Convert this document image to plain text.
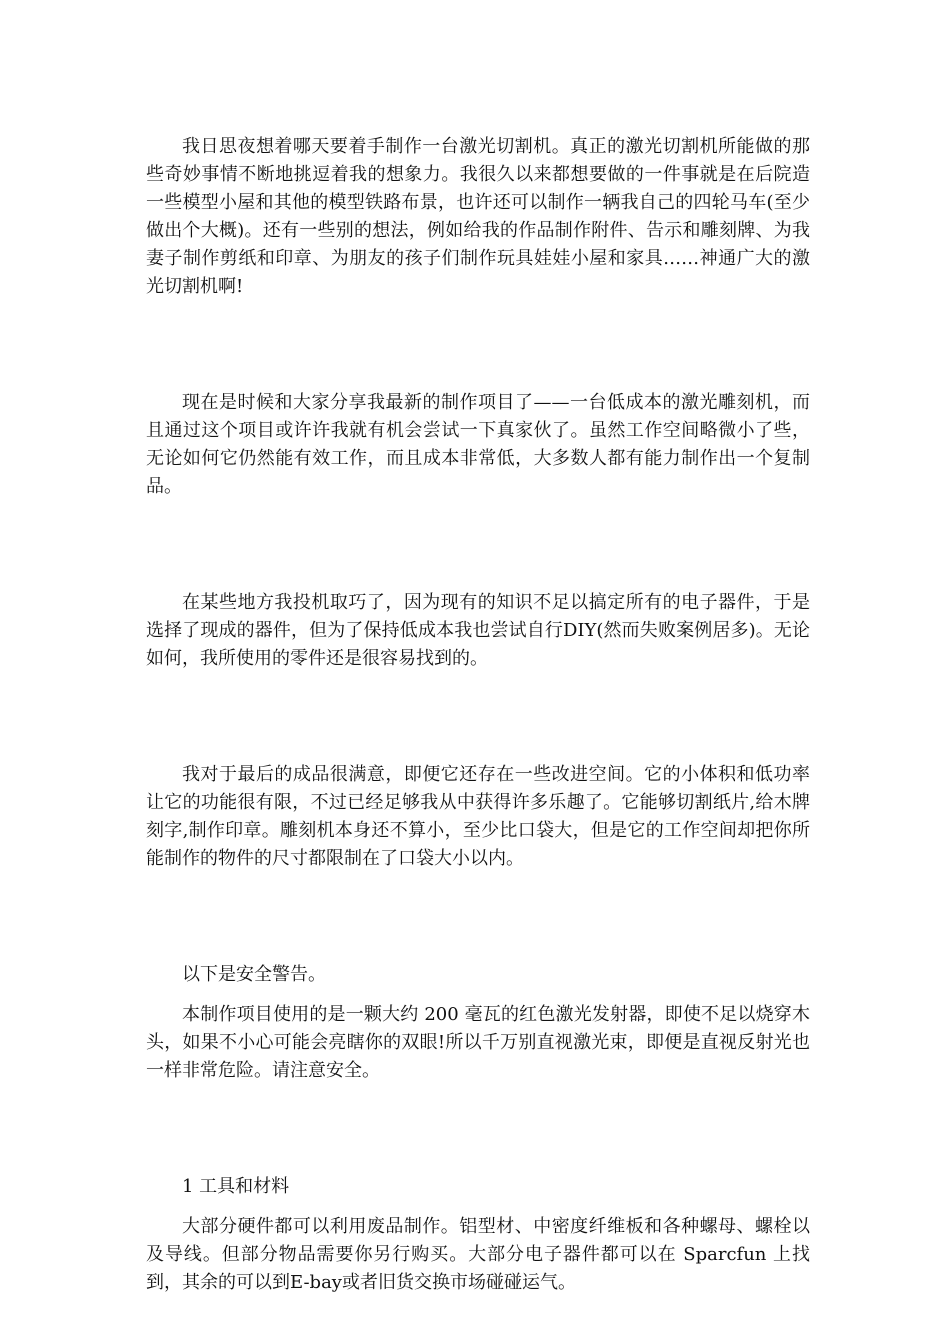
我日思夜想着哪天要着手制作一台激光切割机。真正的激光切割机所能做的那些奇妙事情不断地挑逗着我的想象力。我很久以来都想要做的一件事就是在后院造一些模型小屋和其他的模型铁路布景，也许还可以制作一辆我自己的四轮马车(至少做出个大概)。还有一些别的想法，例如给我的作品制作附件、告示和雕刻牌、为我妻子制作剪纸和印章、为朋友的孩子们制作玩具娃娃小屋和家具……神通广大的激光切割机啊!

现在是时候和大家分享我最新的制作项目了——一台低成本的激光雕刻机，而且通过这个项目或许许我就有机会尝试一下真家伙了。虽然工作空间略微小了些，无论如何它仍然能有效工作，而且成本非常低，大多数人都有能力制作出一个复制品。

在某些地方我投机取巧了，因为现有的知识不足以搞定所有的电子器件，于是选择了现成的器件，但为了保持低成本我也尝试自行DIY(然而失败案例居多)。无论如何，我所使用的零件还是很容易找到的。

我对于最后的成品很满意，即便它还存在一些改进空间。它的小体积和低功率让它的功能很有限，不过已经足够我从中获得许多乐趣了。它能够切割纸片,给木牌刻字,制作印章。雕刻机本身还不算小，至少比口袋大，但是它的工作空间却把你所能制作的物件的尺寸都限制在了口袋大小以内。

以下是安全警告。

本制作项目使用的是一颗大约 200 毫瓦的红色激光发射器，即使不足以烧穿木头，如果不小心可能会亮瞎你的双眼!所以千万别直视激光束，即便是直视反射光也一样非常危险。请注意安全。

1 工具和材料

大部分硬件都可以利用废品制作。铝型材、中密度纤维板和各种螺母、螺栓以及导线。但部分物品需要你另行购买。大部分电子器件都可以在 Sparcfun 上找到，其余的可以到E-bay或者旧货交换市场碰碰运气。
